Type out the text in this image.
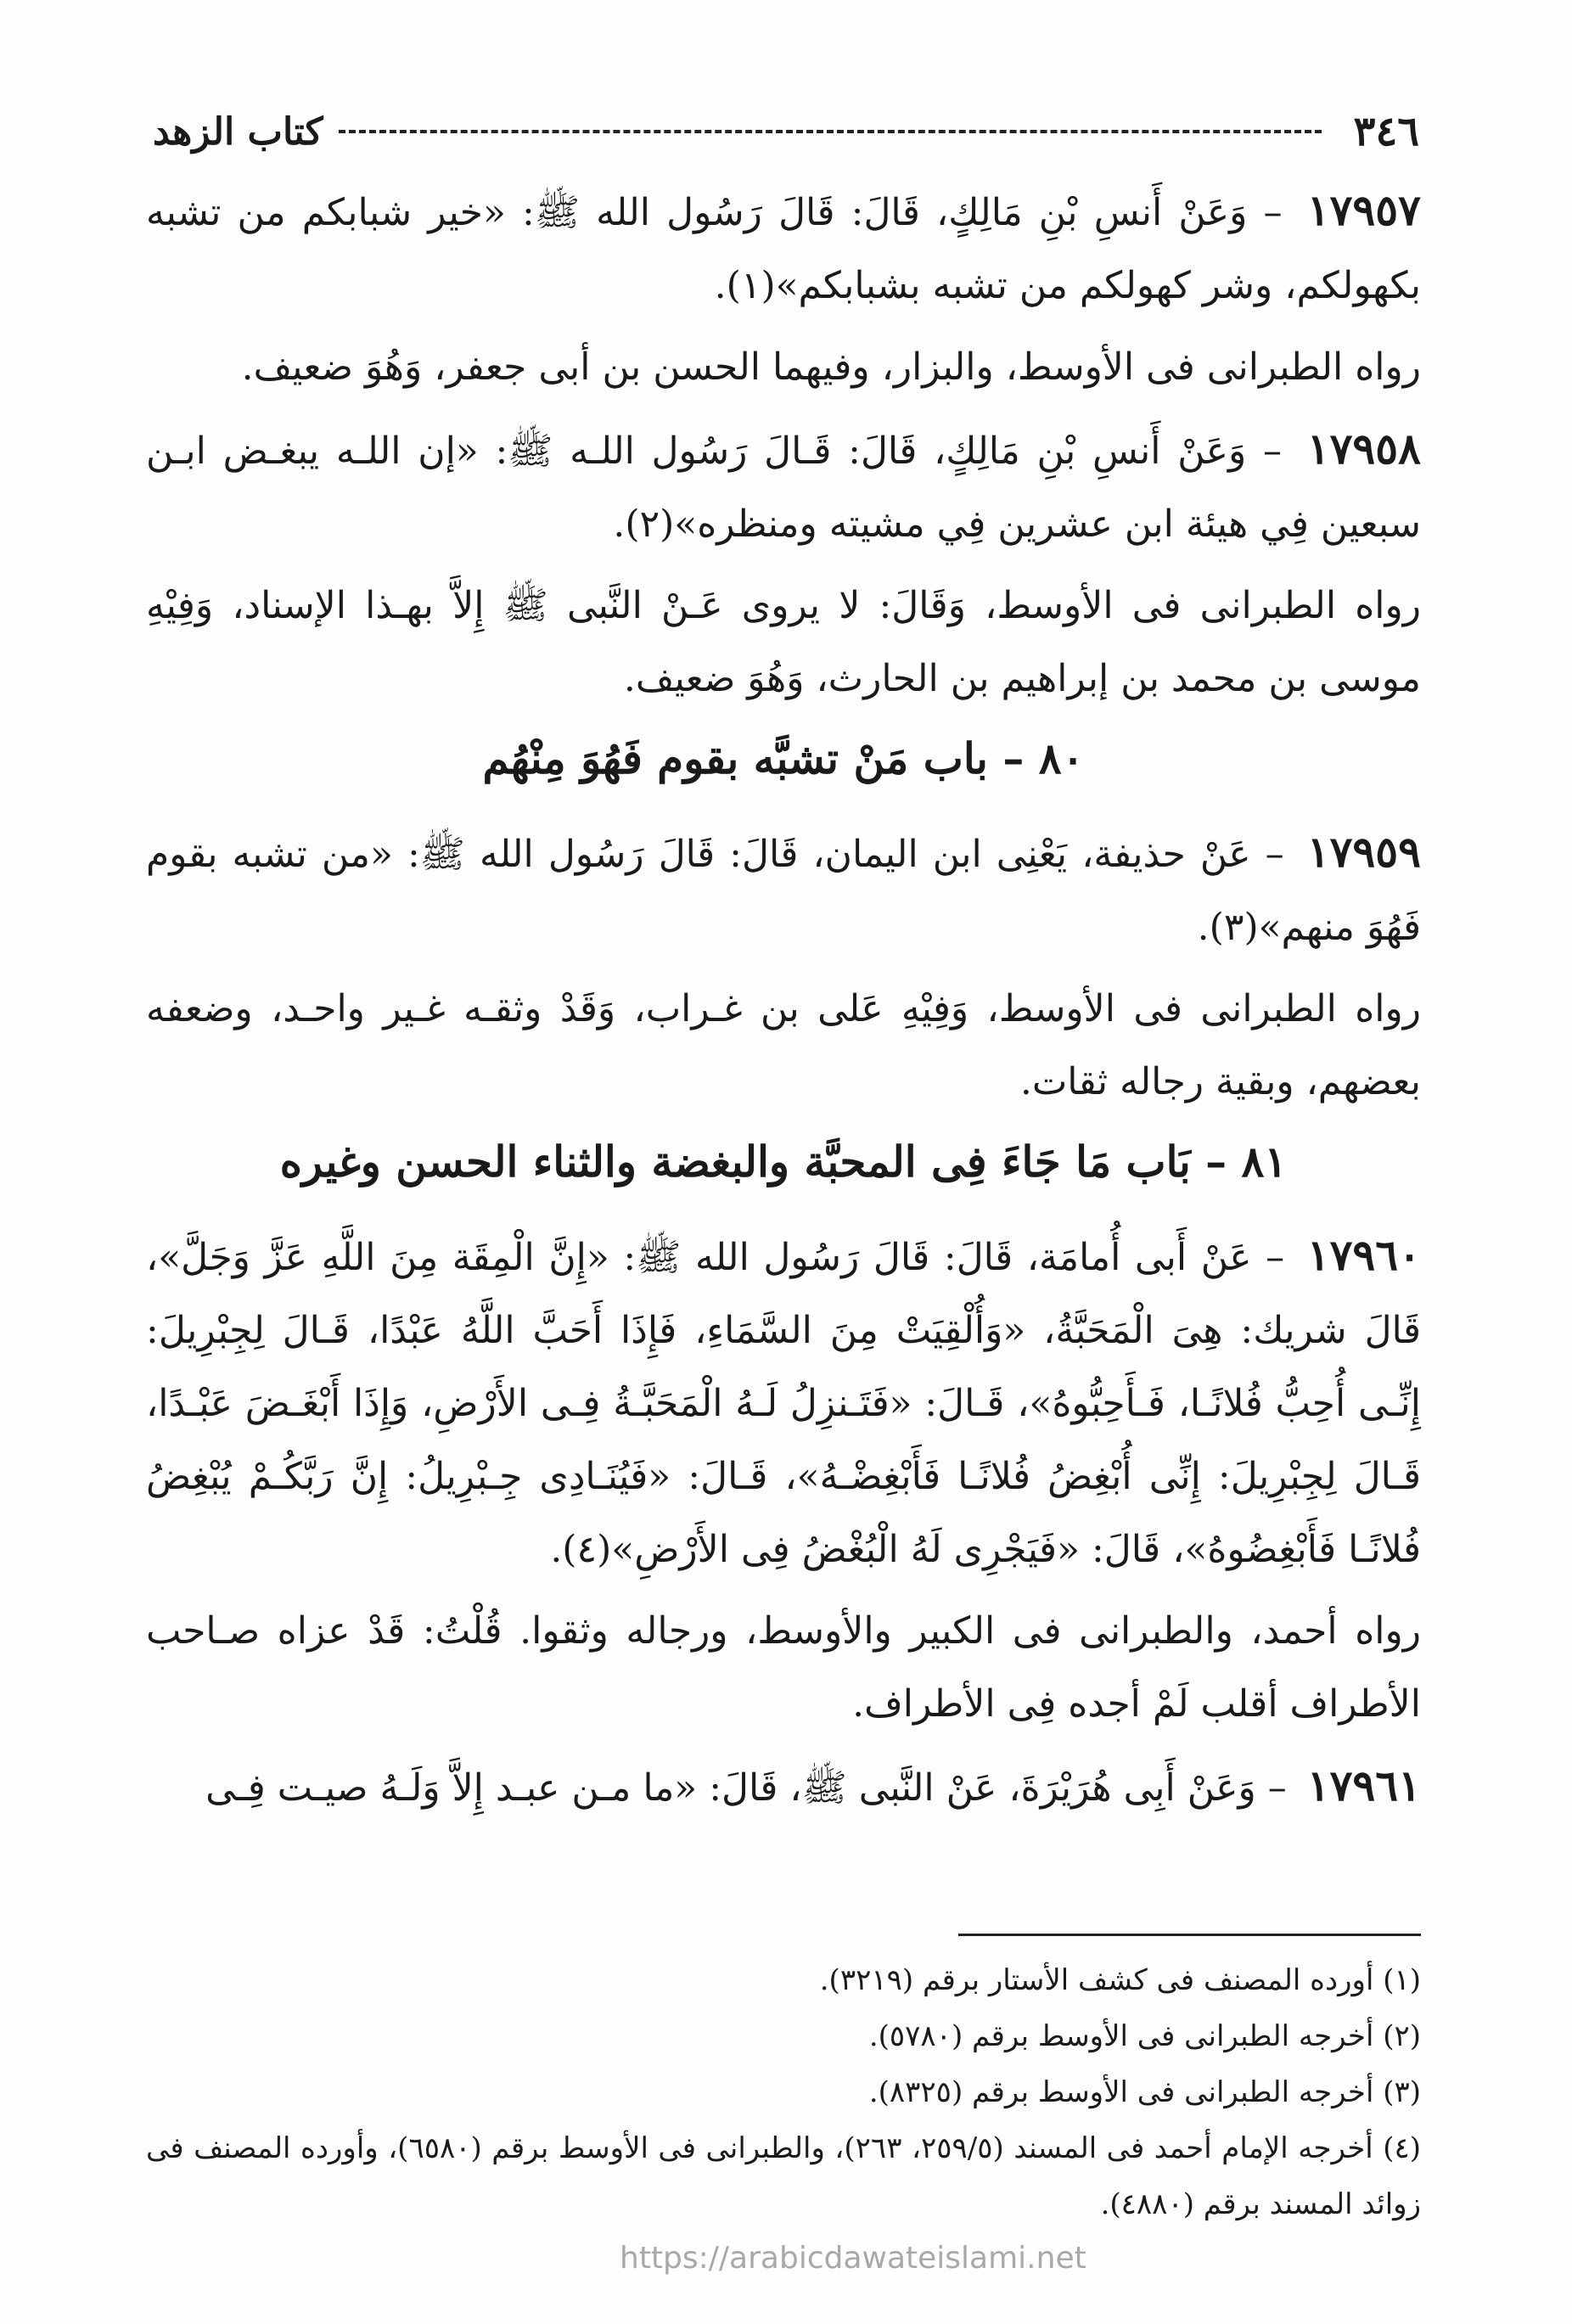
٣٤٦
كتاب الزهد

١٧٩٥٧ – وَعَنْ أَنسِ بْنِ مَالِكٍ، قَالَ: قَالَ رَسُول الله ﷺ: «خير شبابكم من تشبه بكهولكم، وشر كهولكم من تشبه بشبابكم»(١).

رواه الطبرانى فى الأوسط، والبزار، وفيهما الحسن بن أبى جعفر، وَهُوَ ضعيف.

١٧٩٥٨ – وَعَنْ أَنسِ بْنِ مَالِكٍ، قَالَ: قَـالَ رَسُول اللـه ﷺ: «إن اللـه يبغـض ابـن سبعين فِي هيئة ابن عشرين فِي مشيته ومنظره»(٢).

رواه الطبرانى فى الأوسط، وَقَالَ: لا يروى عَـنْ النَّبى ﷺ إِلاَّ بهـذا الإسناد، وَفِيْهِ موسى بن محمد بن إبراهيم بن الحارث، وَهُوَ ضعيف.

٨٠ – باب مَنْ تشبَّه بقوم فَهُوَ مِنْهُم

١٧٩٥٩ – عَنْ حذيفة، يَعْنِى ابن اليمان، قَالَ: قَالَ رَسُول الله ﷺ: «من تشبه بقوم فَهُوَ منهم»(٣).

رواه الطبرانى فى الأوسط، وَفِيْهِ عَلى بن غـراب، وَقَدْ وثقـه غـير واحـد، وضعفه بعضهم، وبقية رجاله ثقات.

٨١ – بَاب مَا جَاءَ فِى المحبَّة والبغضة والثناء الحسن وغيره

١٧٩٦٠ – عَنْ أَبى أُمامَة، قَالَ: قَالَ رَسُول الله ﷺ: «إِنَّ الْمِقَة مِنَ اللَّهِ عَزَّ وَجَلَّ»، قَالَ شريك: هِىَ الْمَحَبَّةُ، «وَأُلْقِيَتْ مِنَ السَّمَاءِ، فَإِذَا أَحَبَّ اللَّهُ عَبْدًا، قَـالَ لِجِبْرِيلَ: إِنِّـى أُحِبُّ فُلانًـا، فَـأَحِبُّوهُ»، قَـالَ: «فَتَـنزِلُ لَـهُ الْمَحَبَّـةُ فِـى الأَرْضِ، وَإِذَا أَبْغَـضَ عَبْـدًا، قَـالَ لِجِبْرِيلَ: إِنِّى أُبْغِضُ فُلانًـا فَأَبْغِضْـهُ»، قَـالَ: «فَيُنَـادِى جِـبْرِيلُ: إِنَّ رَبَّكُـمْ يُبْغِضُ فُلانًـا فَأَبْغِضُوهُ»، قَالَ: «فَيَجْرِى لَهُ الْبُغْضُ فِى الأَرْضِ»(٤).

رواه أحمد، والطبرانى فى الكبير والأوسط، ورجاله وثقوا. قُلْتُ: قَدْ عزاه صـاحب الأطراف أقلب لَمْ أجده فِى الأطراف.

١٧٩٦١ – وَعَنْ أَبِى هُرَيْرَةَ، عَنْ النَّبى ﷺ، قَالَ: «ما مـن عبـد إِلاَّ وَلَـهُ صيـت فِـى

(١) أورده المصنف فى كشف الأستار برقم (٣٢١٩).

(٢) أخرجه الطبرانى فى الأوسط برقم (٥٧٨٠).

(٣) أخرجه الطبرانى فى الأوسط برقم (٨٣٢٥).

(٤) أخرجه الإمام أحمد فى المسند (٢٥٩/٥، ٢٦٣)، والطبرانى فى الأوسط برقم (٦٥٨٠)، وأورده المصنف فى زوائد المسند برقم (٤٨٨٠).

https://arabicdawateislami.net
